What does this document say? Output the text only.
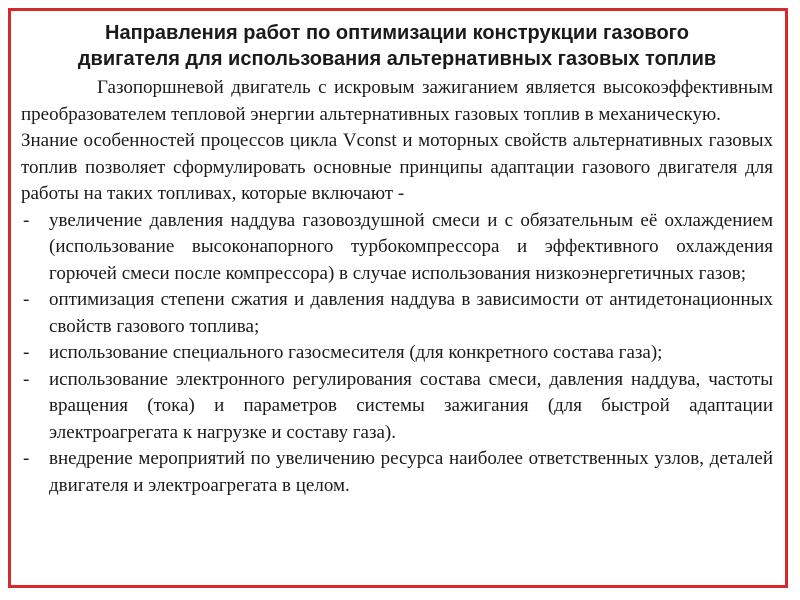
Направления работ по оптимизации конструкции газового
двигателя для использования альтернативных газовых топлив

Газопоршневой двигатель с искровым зажиганием является высокоэффективным преобразователем тепловой энергии альтернативных газовых топлив в механическую.

Знание особенностей процессов цикла Vconst и моторных свойств альтернативных газовых топлив позволяет сформулировать основные принципы адаптации газового двигателя для работы на таких топливах, которые включают -

- увеличение давления наддува газовоздушной смеси и с обязательным её охлаждением (использование высоконапорного турбокомпрессора и эффективного охлаждения горючей смеси после компрессора) в случае использования низкоэнергетичных газов;
- оптимизация степени сжатия и давления наддува в зависимости от антидетонационных свойств газового топлива;
- использование специального газосмесителя (для конкретного состава газа);
- использование электронного регулирования состава смеси, давления наддува, частоты вращения (тока) и параметров системы зажигания (для быстрой адаптации электроагрегата к нагрузке и составу газа).
- внедрение мероприятий по увеличению ресурса наиболее ответственных узлов, деталей двигателя и электроагрегата в целом.
